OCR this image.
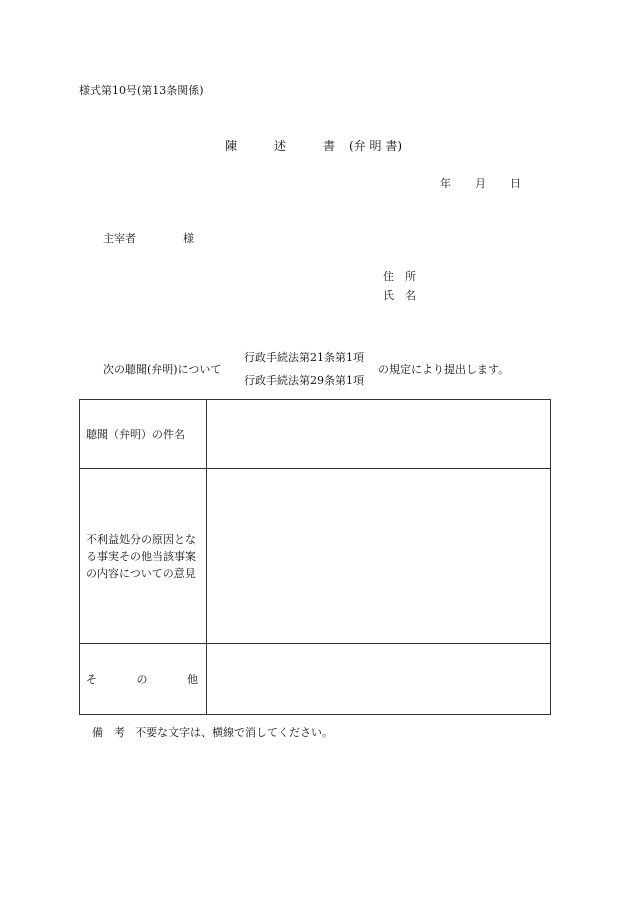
様式第10号(第13条関係)
陳	述	書 (弁 明 書)
年 月 日
主宰者	様
住　所
氏　名
次の聴聞(弁明)について
行政手続法第21条第1項
行政手続法第29条第1項
の規定により提出します。
聴聞（弁明）の件名	
不利益処分の原因となる事実その他当該事案の内容についての意見	

そ の 他	

備　考 不要な文字は、横線で消してください。
